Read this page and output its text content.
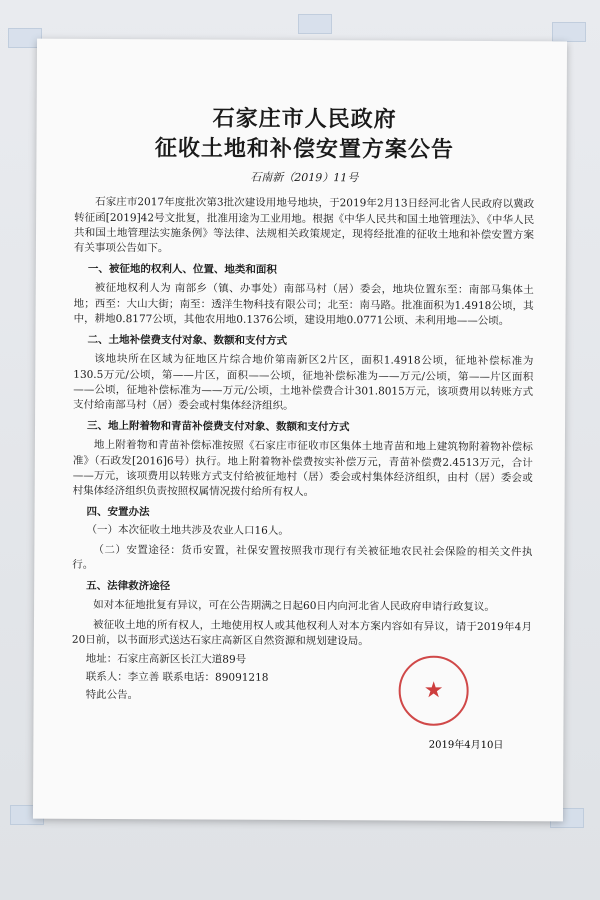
石家庄市人民政府
征收土地和补偿安置方案公告
石南新（2019）11号

石家庄市2017年度批次第3批次建设用地号地块，于2019年2月13日经河北省人民政府以冀政转征函[2019]42号文批复，批准用途为工业用地。根据《中华人民共和国土地管理法》、《中华人民共和国土地管理法实施条例》等法律、法规相关政策规定，现将经批准的征收土地和补偿安置方案有关事项公告如下。

一、被征地的权利人、位置、地类和面积

被征地权利人为 南部乡（镇、办事处）南部马村（居）委会，地块位置东至：南部马集体土地；西至：大山大街；南至：透洋生物科技有限公司；北至：南马路。批准面积为1.4918公顷，其中，耕地0.8177公顷，其他农用地0.1376公顷，建设用地0.0771公顷、未利用地——公顷。

二、土地补偿费支付对象、数额和支付方式

该地块所在区域为征地区片综合地价第南新区2片区，面积1.4918公顷，征地补偿标准为130.5万元/公顷，第——片区，面积——公顷，征地补偿标准为——万元/公顷，第——片区面积——公顷，征地补偿标准为——万元/公顷，土地补偿费合计301.8015万元，该项费用以转账方式支付给南部马村（居）委会或村集体经济组织。

三、地上附着物和青苗补偿费支付对象、数额和支付方式

地上附着物和青苗补偿标准按照《石家庄市征收市区集体土地青苗和地上建筑物附着物补偿标准》（石政发[2016]6号）执行。地上附着物补偿费按实补偿万元，青苗补偿费2.4513万元，合计——万元，该项费用以转账方式支付给被征地村（居）委会或村集体经济组织，由村（居）委会或村集体经济组织负责按照权属情况拨付给所有权人。

四、安置办法
（一）本次征收土地共涉及农业人口16人。

（二）安置途径：货币安置，社保安置按照我市现行有关被征地农民社会保险的相关文件执行。

五、法律救济途径

如对本征地批复有异议，可在公告期满之日起60日内向河北省人民政府申请行政复议。

被征收土地的所有权人，土地使用权人或其他权利人对本方案内容如有异议，请于2019年4月20日前，以书面形式送达石家庄高新区自然资源和规划建设局。

地址：石家庄高新区长江大道89号
联系人：李立善 联系电话：89091218
特此公告。	★
2019年4月10日
